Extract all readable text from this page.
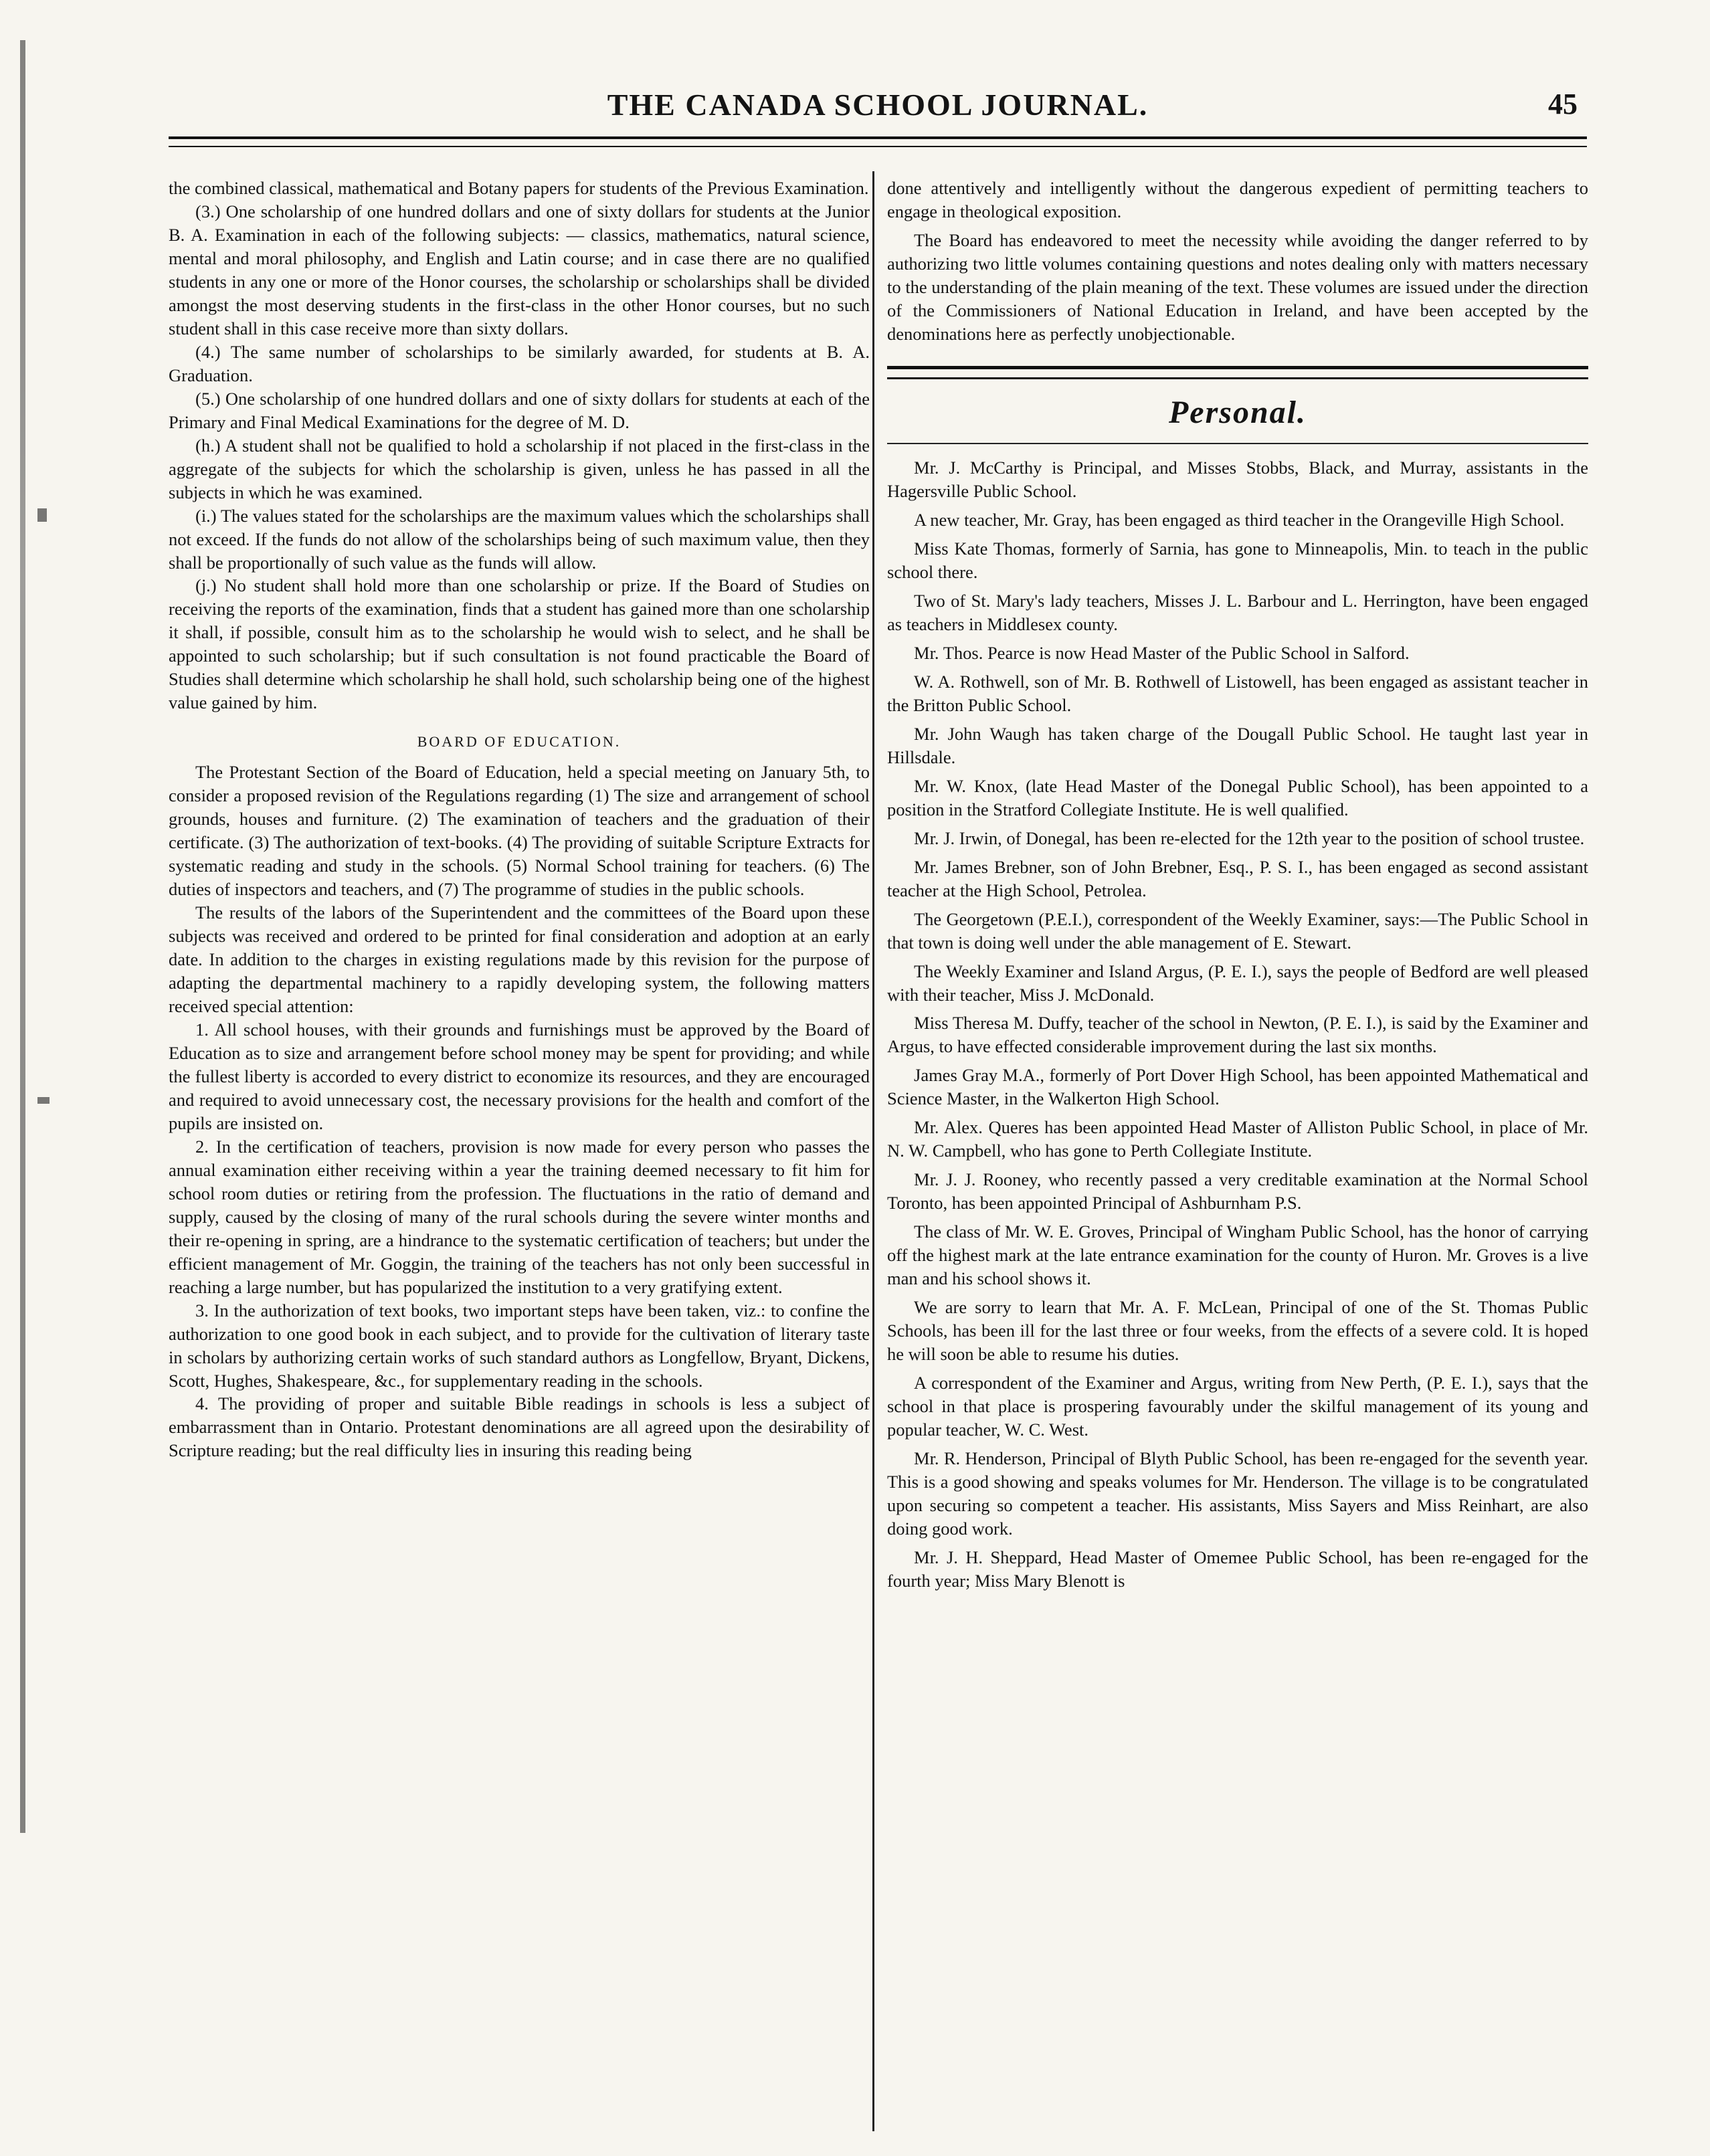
THE CANADA SCHOOL JOURNAL.	45

the combined classical, mathematical and Botany papers for students of the Previous Examination.

(3.) One scholarship of one hundred dollars and one of sixty dollars for students at the Junior B. A. Examination in each of the following subjects: — classics, mathematics, natural science, mental and moral philosophy, and English and Latin course; and in case there are no qualified students in any one or more of the Honor courses, the scholarship or scholarships shall be divided amongst the most deserving students in the first-class in the other Honor courses, but no such student shall in this case receive more than sixty dollars.

(4.) The same number of scholarships to be similarly awarded, for students at B. A. Graduation.

(5.) One scholarship of one hundred dollars and one of sixty dollars for students at each of the Primary and Final Medical Examinations for the degree of M. D.

(h.) A student shall not be qualified to hold a scholarship if not placed in the first-class in the aggregate of the subjects for which the scholarship is given, unless he has passed in all the subjects in which he was examined.

(i.) The values stated for the scholarships are the maximum values which the scholarships shall not exceed. If the funds do not allow of the scholarships being of such maximum value, then they shall be proportionally of such value as the funds will allow.

(j.) No student shall hold more than one scholarship or prize. If the Board of Studies on receiving the reports of the examination, finds that a student has gained more than one scholarship it shall, if possible, consult him as to the scholarship he would wish to select, and he shall be appointed to such scholarship; but if such consultation is not found practicable the Board of Studies shall determine which scholarship he shall hold, such scholarship being one of the highest value gained by him.

BOARD OF EDUCATION.

The Protestant Section of the Board of Education, held a special meeting on January 5th, to consider a proposed revision of the Regulations regarding (1) The size and arrangement of school grounds, houses and furniture. (2) The examination of teachers and the graduation of their certificate. (3) The authorization of text-books. (4) The providing of suitable Scripture Extracts for systematic reading and study in the schools. (5) Normal School training for teachers. (6) The duties of inspectors and teachers, and (7) The programme of studies in the public schools.

The results of the labors of the Superintendent and the committees of the Board upon these subjects was received and ordered to be printed for final consideration and adoption at an early date. In addition to the charges in existing regulations made by this revision for the purpose of adapting the departmental machinery to a rapidly developing system, the following matters received special attention:

1. All school houses, with their grounds and furnishings must be approved by the Board of Education as to size and arrangement before school money may be spent for providing; and while the fullest liberty is accorded to every district to economize its resources, and they are encouraged and required to avoid unnecessary cost, the necessary provisions for the health and comfort of the pupils are insisted on.

2. In the certification of teachers, provision is now made for every person who passes the annual examination either receiving within a year the training deemed necessary to fit him for school room duties or retiring from the profession. The fluctuations in the ratio of demand and supply, caused by the closing of many of the rural schools during the severe winter months and their re-opening in spring, are a hindrance to the systematic certification of teachers; but under the efficient management of Mr. Goggin, the training of the teachers has not only been successful in reaching a large number, but has popularized the institution to a very gratifying extent.

3. In the authorization of text books, two important steps have been taken, viz.: to confine the authorization to one good book in each subject, and to provide for the cultivation of literary taste in scholars by authorizing certain works of such standard authors as Longfellow, Bryant, Dickens, Scott, Hughes, Shakespeare, &c., for supplementary reading in the schools.

4. The providing of proper and suitable Bible readings in schools is less a subject of embarrassment than in Ontario. Protestant denominations are all agreed upon the desirability of Scripture reading; but the real difficulty lies in insuring this reading being

done attentively and intelligently without the dangerous expedient of permitting teachers to engage in theological exposition.

The Board has endeavored to meet the necessity while avoiding the danger referred to by authorizing two little volumes containing questions and notes dealing only with matters necessary to the understanding of the plain meaning of the text. These volumes are issued under the direction of the Commissioners of National Education in Ireland, and have been accepted by the denominations here as perfectly unobjectionable.

Personal.

Mr. J. McCarthy is Principal, and Misses Stobbs, Black, and Murray, assistants in the Hagersville Public School.

A new teacher, Mr. Gray, has been engaged as third teacher in the Orangeville High School.

Miss Kate Thomas, formerly of Sarnia, has gone to Minneapolis, Min. to teach in the public school there.

Two of St. Mary's lady teachers, Misses J. L. Barbour and L. Herrington, have been engaged as teachers in Middlesex county.

Mr. Thos. Pearce is now Head Master of the Public School in Salford.

W. A. Rothwell, son of Mr. B. Rothwell of Listowell, has been engaged as assistant teacher in the Britton Public School.

Mr. John Waugh has taken charge of the Dougall Public School. He taught last year in Hillsdale.

Mr. W. Knox, (late Head Master of the Donegal Public School), has been appointed to a position in the Stratford Collegiate Institute. He is well qualified.

Mr. J. Irwin, of Donegal, has been re-elected for the 12th year to the position of school trustee.

Mr. James Brebner, son of John Brebner, Esq., P. S. I., has been engaged as second assistant teacher at the High School, Petrolea.

The Georgetown (P.E.I.), correspondent of the Weekly Examiner, says:—The Public School in that town is doing well under the able management of E. Stewart.

The Weekly Examiner and Island Argus, (P. E. I.), says the people of Bedford are well pleased with their teacher, Miss J. McDonald.

Miss Theresa M. Duffy, teacher of the school in Newton, (P. E. I.), is said by the Examiner and Argus, to have effected considerable improvement during the last six months.

James Gray M.A., formerly of Port Dover High School, has been appointed Mathematical and Science Master, in the Walkerton High School.

Mr. Alex. Queres has been appointed Head Master of Alliston Public School, in place of Mr. N. W. Campbell, who has gone to Perth Collegiate Institute.

Mr. J. J. Rooney, who recently passed a very creditable examination at the Normal School Toronto, has been appointed Principal of Ashburnham P.S.

The class of Mr. W. E. Groves, Principal of Wingham Public School, has the honor of carrying off the highest mark at the late entrance examination for the county of Huron. Mr. Groves is a live man and his school shows it.

We are sorry to learn that Mr. A. F. McLean, Principal of one of the St. Thomas Public Schools, has been ill for the last three or four weeks, from the effects of a severe cold. It is hoped he will soon be able to resume his duties.

A correspondent of the Examiner and Argus, writing from New Perth, (P. E. I.), says that the school in that place is prospering favourably under the skilful management of its young and popular teacher, W. C. West.

Mr. R. Henderson, Principal of Blyth Public School, has been re-engaged for the seventh year. This is a good showing and speaks volumes for Mr. Henderson. The village is to be congratulated upon securing so competent a teacher. His assistants, Miss Sayers and Miss Reinhart, are also doing good work.

Mr. J. H. Sheppard, Head Master of Omemee Public School, has been re-engaged for the fourth year; Miss Mary Blenott is
